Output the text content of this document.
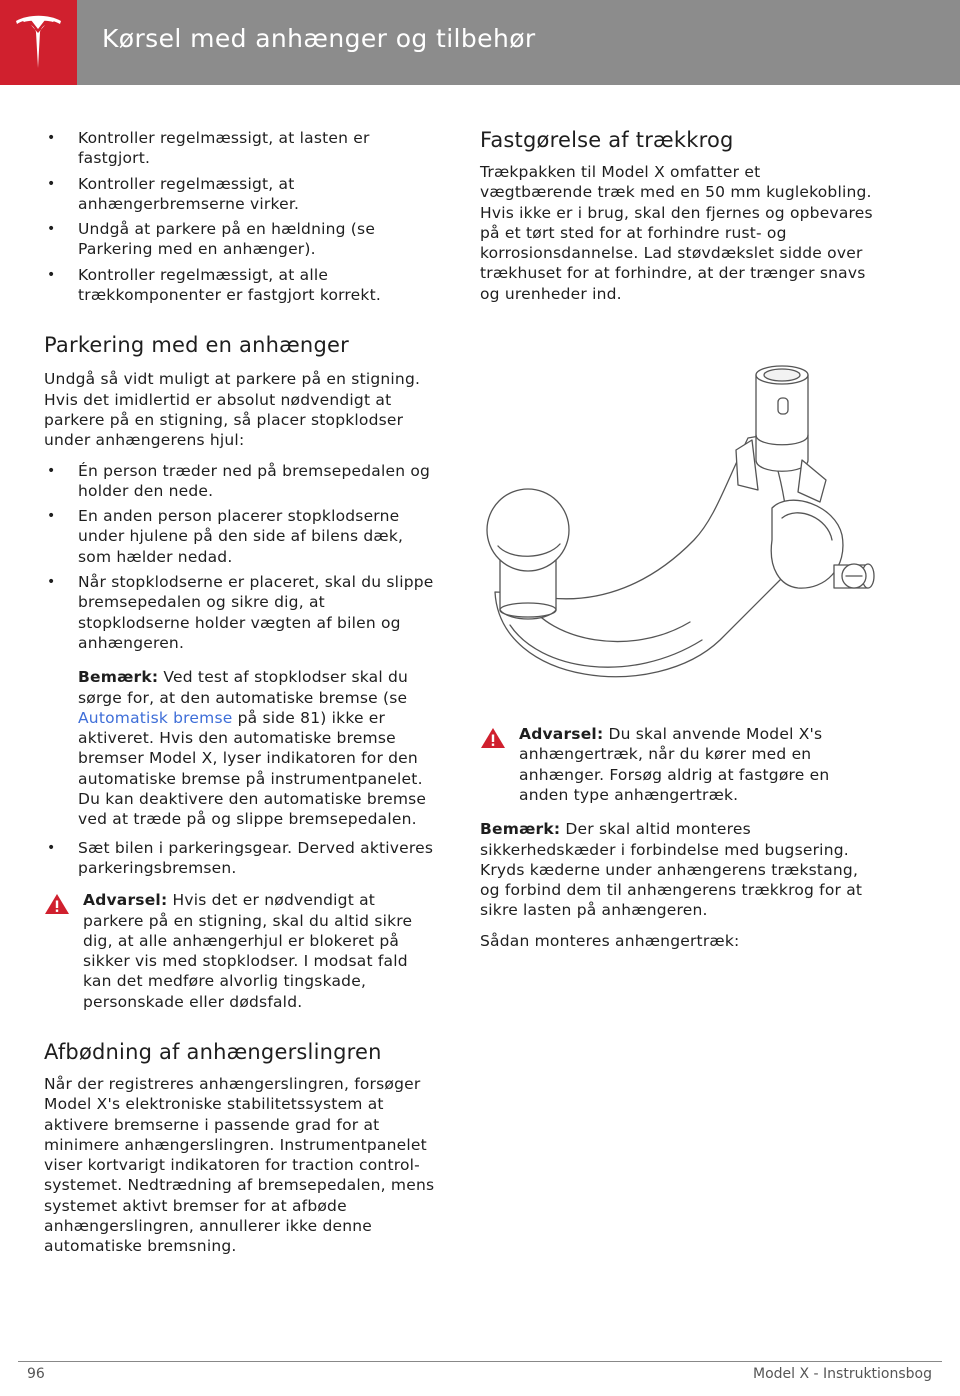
Kørsel med anhænger og tilbehør
• Kontroller regelmæssigt, at lasten er fastgjort.
• Kontroller regelmæssigt, at anhængerbremserne virker.
• Undgå at parkere på en hældning (se Parkering med en anhænger).
• Kontroller regelmæssigt, at alle trækkomponenter er fastgjort korrekt.
Parkering med en anhænger

Undgå så vidt muligt at parkere på en stigning. Hvis det imidlertid er absolut nødvendigt at parkere på en stigning, så placer stopklodser under anhængerens hjul:

• Én person træder ned på bremsepedalen og holder den nede.
• En anden person placerer stopklodserne under hjulene på den side af bilens dæk, som hælder nedad.
• Når stopklodserne er placeret, skal du slippe bremsepedalen og sikre dig, at stopklodserne holder vægten af bilen og anhængeren.

Bemærk: Ved test af stopklodser skal du sørge for, at den automatiske bremse (se Automatisk bremse på side 81) ikke er aktiveret. Hvis den automatiske bremse bremser Model X, lyser indikatoren for den automatiske bremse på instrumentpanelet. Du kan deaktivere den automatiske bremse ved at træde på og slippe bremsepedalen.

• Sæt bilen i parkeringsgear. Derved aktiveres parkeringsbremsen.

Advarsel: Hvis det er nødvendigt at parkere på en stigning, skal du altid sikre dig, at alle anhængerhjul er blokeret på sikker vis med stopklodser. I modsat fald kan det medføre alvorlig tingskade, personskade eller dødsfald.

Afbødning af anhængerslingren

Når der registreres anhængerslingren, forsøger Model X's elektroniske stabilitetssystem at aktivere bremserne i passende grad for at minimere anhængerslingren. Instrumentpanelet viser kortvarigt indikatoren for traction control-systemet. Nedtrædning af bremsepedalen, mens systemet aktivt bremser for at afbøde anhængerslingren, annullerer ikke denne automatiske bremsning.

Fastgørelse af trækkrog

Trækpakken til Model X omfatter et vægtbærende træk med en 50 mm kuglekobling. Hvis ikke er i brug, skal den fjernes og opbevares på et tørt sted for at forhindre rust- og korrosionsdannelse. Lad støvdækslet sidde over trækhuset for at forhindre, at der trænger snavs og urenheder ind.

Advarsel: Du skal anvende Model X's anhængertræk, når du kører med en anhænger. Forsøg aldrig at fastgøre en anden type anhængertræk.

Bemærk: Der skal altid monteres sikkerhedskæder i forbindelse med bugsering. Kryds kæderne under anhængerens trækstang, og forbind dem til anhængerens trækkrog for at sikre lasten på anhængeren.

Sådan monteres anhængertræk:

96	Model X - Instruktionsbog
